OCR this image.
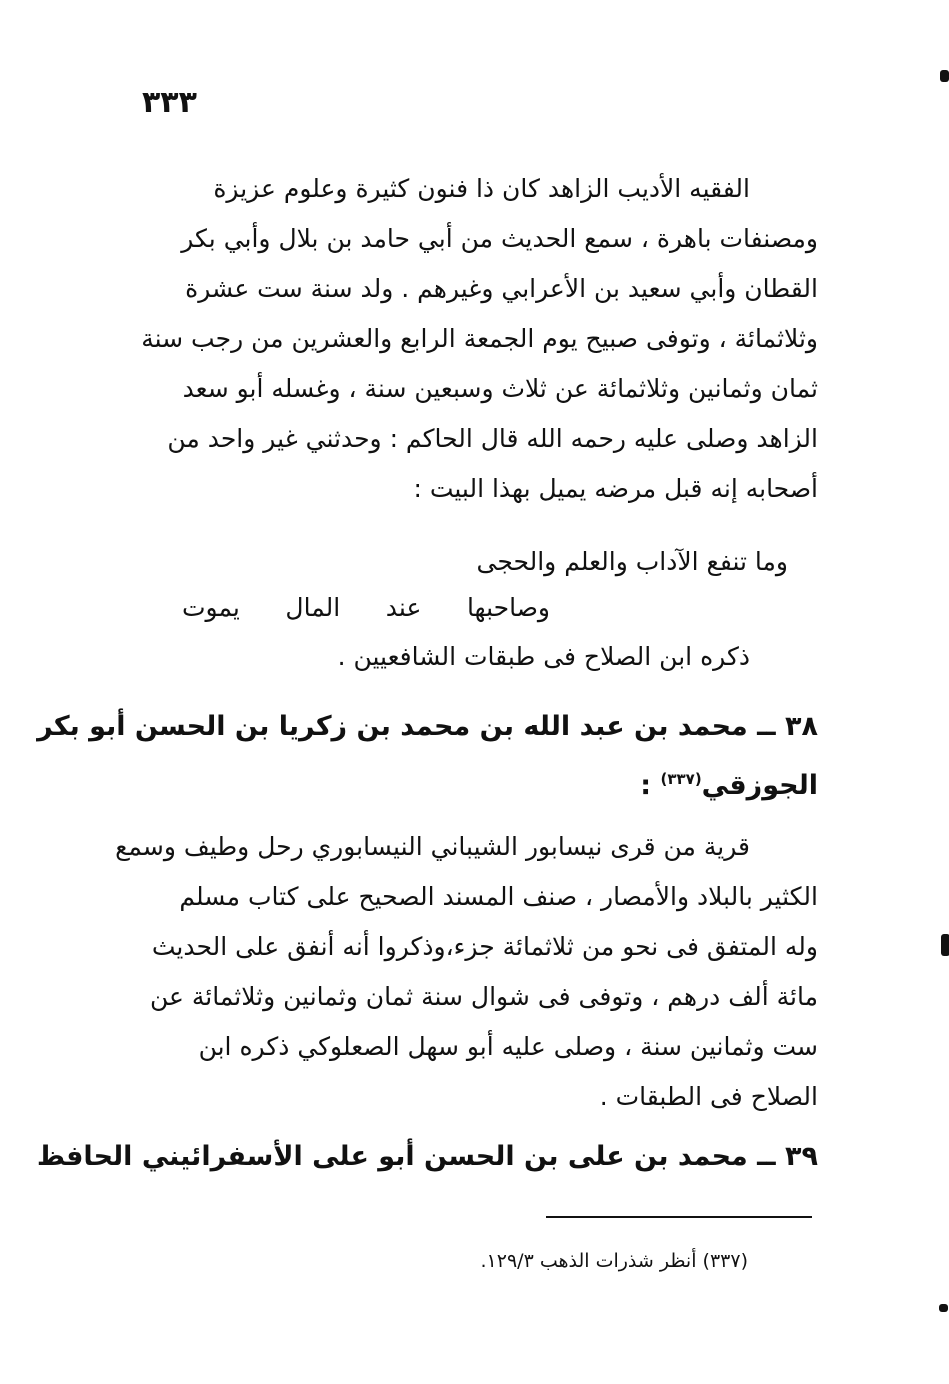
٣٣٣
الفقيه الأديب الزاهد كان ذا فنون كثيرة وعلوم عزيزة
ومصنفات باهرة ، سمع الحديث من أبي حامد بن بلال وأبي بكر
القطان وأبي سعيد بن الأعرابي وغيرهم . ولد سنة ست عشرة
وثلاثمائة ، وتوفى صبيح يوم الجمعة الرابع والعشرين من رجب سنة
ثمان وثمانين وثلاثمائة عن ثلاث وسبعين سنة ، وغسله أبو سعد
الزاهد وصلى عليه رحمه الله قال الحاكم : وحدثني غير واحد من
أصحابه إنه قبل مرضه يميل بهذا البيت :
وما تنفع الآداب والعلم والحجى
وصاحبها عند المال يموت
ذكره ابن الصلاح فى طبقات الشافعيين .
٣٨ ــ محمد بن عبد الله بن محمد بن زكريا بن الحسن أبو بكر
الجوزقي$^{(٣٣٧)}$ :
قرية من قرى نيسابور الشيباني النيسابوري رحل وطيف وسمع
الكثير بالبلاد والأمصار ، صنف المسند الصحيح على كتاب مسلم
وله المتفق فى نحو من ثلاثمائة جزء،وذكروا أنه أنفق على الحديث
مائة ألف درهم ، وتوفى فى شوال سنة ثمان وثمانين وثلاثمائة عن
ست وثمانين سنة ، وصلى عليه أبو سهل الصعلوكي ذكره ابن
الصلاح فى الطبقات .
٣٩ ــ محمد بن على بن الحسن أبو على الأسفرائيني الحافظ
(٣٣٧) أنظر شذرات الذهب ١٢٩/٣.
